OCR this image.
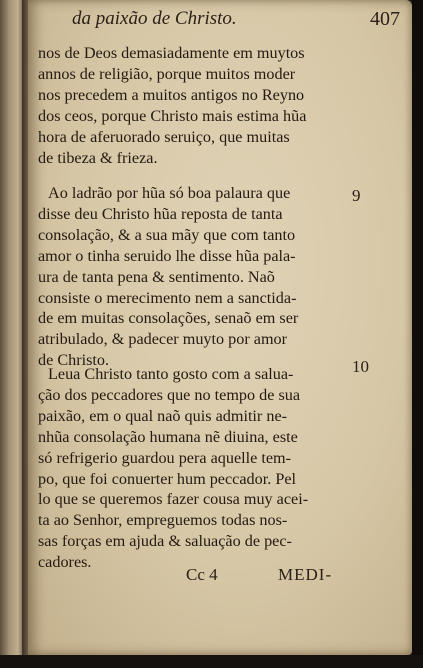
da paixão de Christo.	407

nos de Deos demasiadamente em muytos
annos de religião, porque muitos moder
nos precedem a muitos antigos no Reyno
dos ceos, porque Christo mais estima hũa
hora de aferuorado seruiço, que muitas
de tibeza & frieza.

9

Ao ladrão por hũa só boa palaura que
disse deu Christo hũa reposta de tanta
consolação, & a sua mãy que com tanto
amor o tinha seruido lhe disse hũa pala-
ura de tanta pena & sentimento. Naõ
consiste o merecimento nem a sanctida-
de em muitas consolações, senaõ em ser
atribulado, & padecer muyto por amor
de Christo.	10

Leua Christo tanto gosto com a salua-
ção dos peccadores que no tempo de sua
paixão, em o qual naõ quis admitir ne-
nhũa consolação humana nẽ diuina, este
só refrigerio guardou pera aquelle tem-
po, que foi conuerter hum peccador. Pel
lo que se queremos fazer cousa muy acei-
ta ao Senhor, empreguemos todas nos-
sas forças em ajuda & saluação de pec-
cadores.

Cc 4	MEDI-
